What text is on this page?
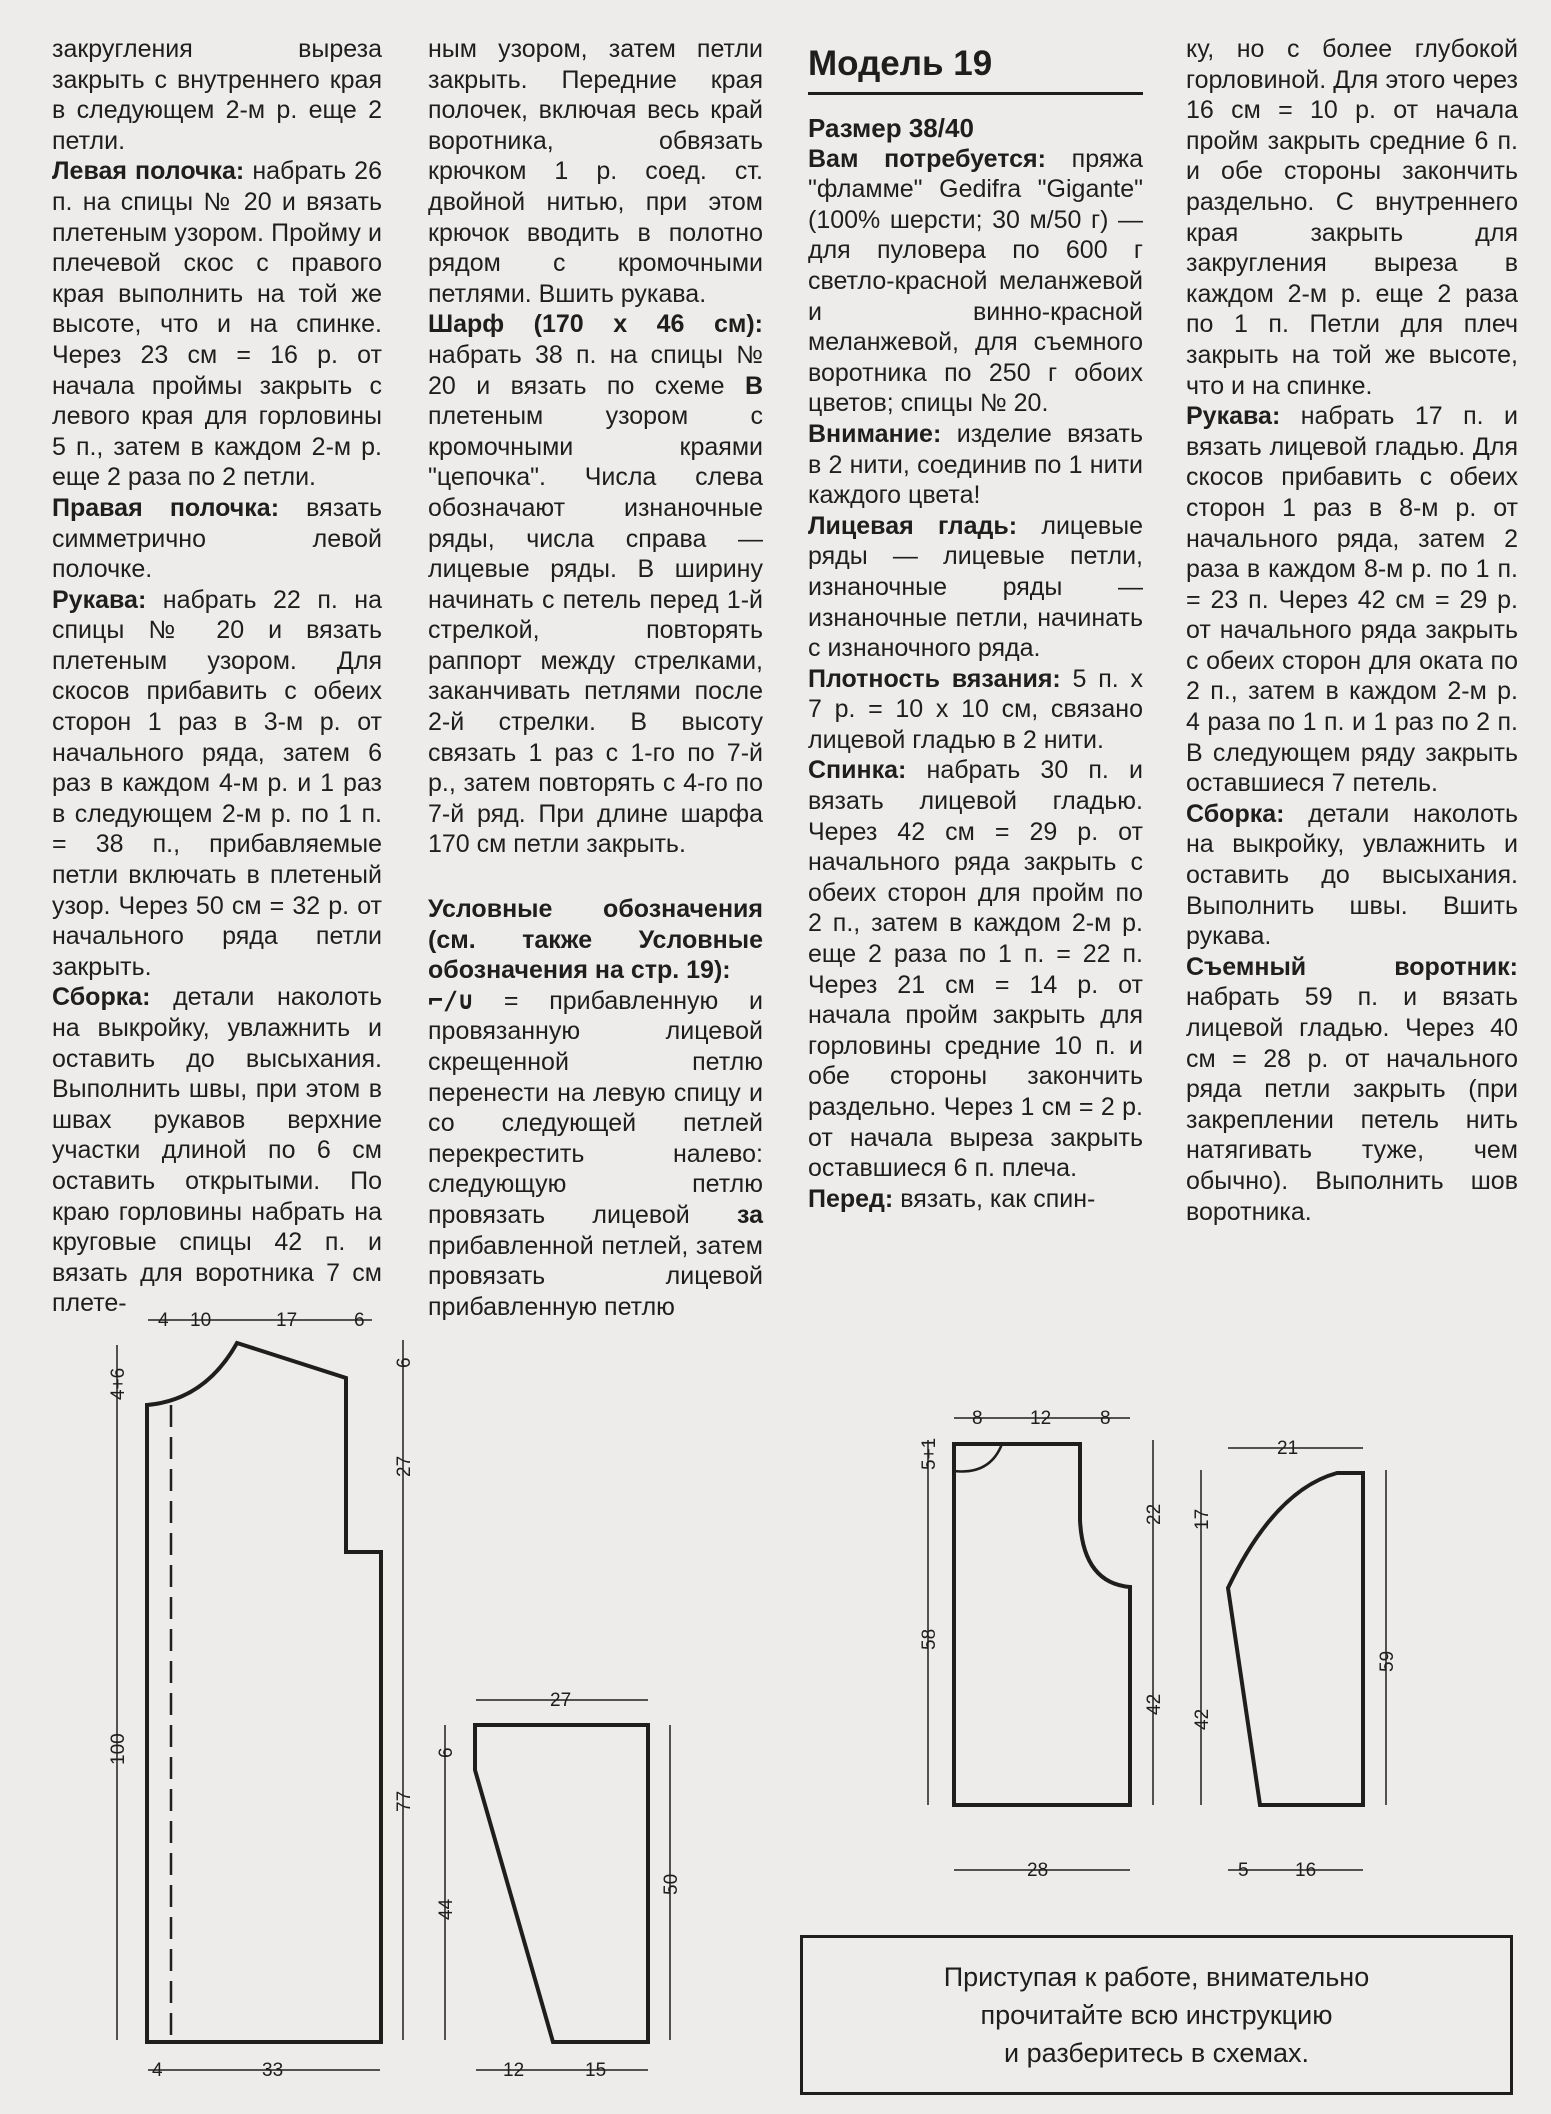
закругления выреза закрыть с внутреннего края в следующем 2-м р. еще 2 петли.

Левая полочка: набрать 26 п. на спицы № 20 и вязать плетеным узором. Пройму и плечевой скос с правого края выполнить на той же высоте, что и на спинке. Через 23 см = 16 р. от начала проймы закрыть с левого края для горловины 5 п., затем в каждом 2-м р. еще 2 раза по 2 петли.

Правая полочка: вязать симметрично левой полочке.

Рукава: набрать 22 п. на спицы № 20 и вязать плетеным узором. Для скосов прибавить с обеих сторон 1 раз в 3-м р. от начального ряда, затем 6 раз в каждом 4-м р. и 1 раз в следующем 2-м р. по 1 п. = 38 п., прибавляемые петли включать в плетеный узор. Через 50 см = 32 р. от начального ряда петли закрыть.

Сборка: детали наколоть на выкройку, увлажнить и оставить до высыхания. Выполнить швы, при этом в швах рукавов верхние участки длиной по 6 см оставить открытыми. По краю горловины набрать на круговые спицы 42 п. и вязать для воротника 7 см плете-

ным узором, затем петли закрыть. Передние края полочек, включая весь край воротника, обвязать крючком 1 р. соед. ст. двойной нитью, при этом крючок вводить в полотно рядом с кромочными петлями. Вшить рукава.

Шарф (170 х 46 см): набрать 38 п. на спицы № 20 и вязать по схеме В плетеным узором с кромочными краями "цепочка". Числа слева обозначают изнаночные ряды, числа справа — лицевые ряды. В ширину начинать с петель перед 1-й стрелкой, повторять раппорт между стрелками, заканчивать петлями после 2-й стрелки. В высоту связать 1 раз с 1-го по 7-й р., затем повторять с 4-го по 7-й ряд. При длине шарфа 170 см петли закрыть.

Условные обозначения (см. также Условные обозначения на стр. 19):

⌐∕∪ = прибавленную и провязанную лицевой скрещенной петлю перенести на левую спицу и со следующей петлей перекрестить налево: следующую петлю провязать лицевой за прибавленной петлей, затем провязать лицевой прибавленную петлю

Модель 19

Размер 38/40

Вам потребуется: пряжа "фламме" Gedifra "Gigante" (100% шерсти; 30 м/50 г) — для пуловера по 600 г светло-красной меланжевой и винно-красной меланжевой, для съемного воротника по 250 г обоих цветов; спицы № 20.

Внимание: изделие вязать в 2 нити, соединив по 1 нити каждого цвета!

Лицевая гладь: лицевые ряды — лицевые петли, изнаночные ряды — изнаночные петли, начинать с изнаночного ряда.

Плотность вязания: 5 п. х 7 р. = 10 х 10 см, связано лицевой гладью в 2 нити.

Спинка: набрать 30 п. и вязать лицевой гладью. Через 42 см = 29 р. от начального ряда закрыть с обеих сторон для пройм по 2 п., затем в каждом 2-м р. еще 2 раза по 1 п. = 22 п. Через 21 см = 14 р. от начала пройм закрыть для горловины средние 10 п. и обе стороны закончить раздельно. Через 1 см = 2 р. от начала выреза закрыть оставшиеся 6 п. плеча.

Перед: вязать, как спин-

ку, но с более глубокой горловиной. Для этого через 16 см = 10 р. от начала пройм закрыть средние 6 п. и обе стороны закончить раздельно. С внутреннего края закрыть для закругления выреза в каждом 2-м р. еще 2 раза по 1 п. Петли для плеч закрыть на той же высоте, что и на спинке.

Рукава: набрать 17 п. и вязать лицевой гладью. Для скосов прибавить с обеих сторон 1 раз в 8-м р. от начального ряда, затем 2 раза в каждом 8-м р. по 1 п. = 23 п. Через 42 см = 29 р. от начального ряда закрыть с обеих сторон для оката по 2 п., затем в каждом 2-м р. 4 раза по 1 п. и 1 раз по 2 п. В следующем ряду закрыть оставшиеся 7 петель.

Сборка: детали наколоть на выкройку, увлажнить и оставить до высыхания. Выполнить швы. Вшить рукава.

Съемный воротник: набрать 59 п. и вязать лицевой гладью. Через 40 см = 28 р. от начального ряда петли закрыть (при закреплении петель нить натягивать туже, чем обычно). Выполнить шов воротника.

Приступая к работе, внимательно
прочитайте всю инструкцию
и разберитесь в схемах.
4 10	17	6
4	33
4+6
100
6
27
77
27
12	15
6
44
50
8 12	8
28
5+1
58
22
42
21
5 16
17
42
59
